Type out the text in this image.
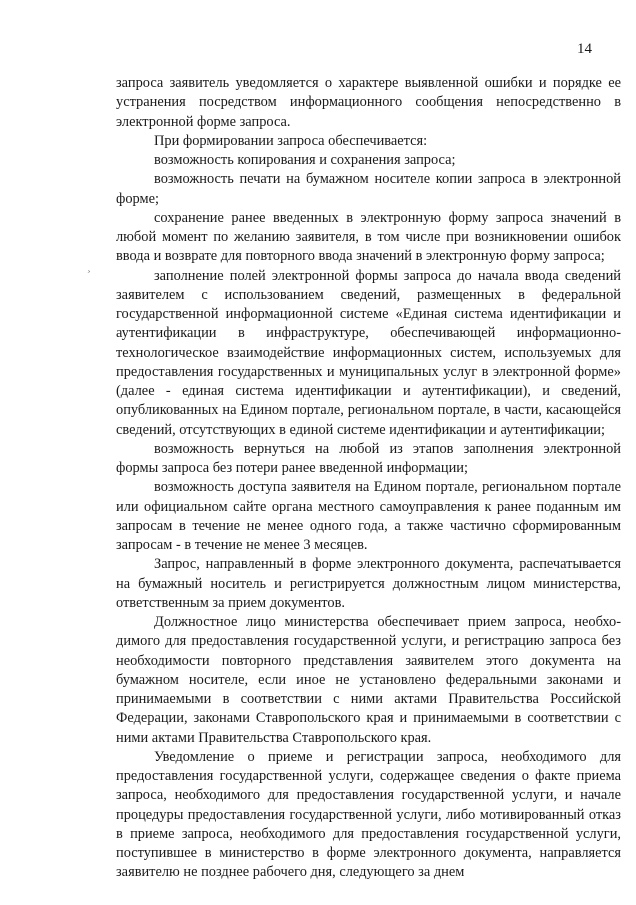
14
¸

запроса заявитель уведомляется о характере выявленной ошибки и порядке ее устранения посредством информационного сообщения непосредственно в электронной форме запроса.

При формировании запроса обеспечивается:

возможность копирования и сохранения запроса;

возможность печати на бумажном носителе копии запроса в электронной форме;

сохранение ранее введенных в электронную форму запроса значений в любой момент по желанию заявителя, в том числе при возникновении ошибок ввода и возврате для повторного ввода значений в электронную форму запроса;

заполнение полей электронной формы запроса до начала ввода сведений заявителем с использованием сведений, размещенных в федеральной государственной информационной системе «Единая система идентификации и аутентификации в инфраструктуре, обеспечивающей информационно-технологическое взаимодействие информационных систем, используемых для предоставления государственных и муниципальных услуг в электронной форме» (далее - единая система идентификации и аутентификации), и сведений, опубликованных на Едином портале, региональном портале, в части, касающейся сведений, отсутствующих в единой системе идентификации и аутентификации;

возможность вернуться на любой из этапов заполнения электронной формы запроса без потери ранее введенной информации;

возможность доступа заявителя на Едином портале, региональном портале или официальном сайте органа местного самоуправления к ранее поданным им запросам в течение не менее одного года, а также частично сформированным запросам - в течение не менее 3 месяцев.

Запрос, направленный в форме электронного документа, распечатывается на бумажный носитель и регистрируется должностным лицом министерства, ответственным за прием документов.

Должностное лицо министерства обеспечивает прием запроса, необходимого для предоставления государственной услуги, и регистрацию запроса без необходимости повторного представления заявителем этого документа на бумажном носителе, если иное не установлено федеральными законами и принимаемыми в соответствии с ними актами Правительства Российской Федерации, законами Ставропольского края и принимаемыми в соответствии с ними актами Правительства Ставропольского края.

Уведомление о приеме и регистрации запроса, необходимого для предоставления государственной услуги, содержащее сведения о факте приема запроса, необходимого для предоставления государственной услуги, и начале процедуры предоставления государственной услуги, либо мотивированный отказ в приеме запроса, необходимого для предоставления государственной услуги, поступившее в министерство в форме электронного документа, направляется заявителю не позднее рабочего дня, следующего за днем
